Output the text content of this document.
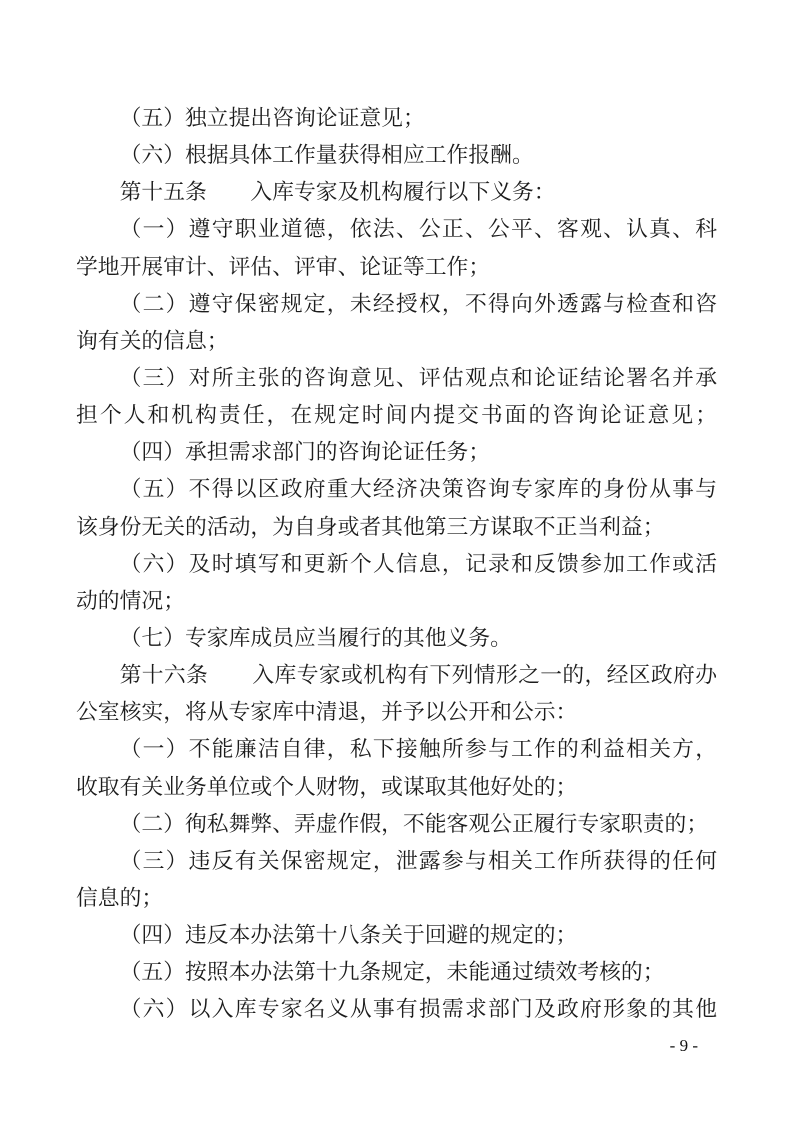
（五）独立提出咨询论证意见；
（六）根据具体工作量获得相应工作报酬。
第十五条　　入库专家及机构履行以下义务：
（一）遵守职业道德，依法、公正、公平、客观、认真、科
学地开展审计、评估、评审、论证等工作；
（二）遵守保密规定，未经授权，不得向外透露与检查和咨
询有关的信息；
（三）对所主张的咨询意见、评估观点和论证结论署名并承
担个人和机构责任，在规定时间内提交书面的咨询论证意见；
（四）承担需求部门的咨询论证任务；
（五）不得以区政府重大经济决策咨询专家库的身份从事与
该身份无关的活动，为自身或者其他第三方谋取不正当利益；
（六）及时填写和更新个人信息，记录和反馈参加工作或活
动的情况；
（七）专家库成员应当履行的其他义务。
第十六条　　入库专家或机构有下列情形之一的，经区政府办
公室核实，将从专家库中清退，并予以公开和公示：
（一）不能廉洁自律，私下接触所参与工作的利益相关方，
收取有关业务单位或个人财物，或谋取其他好处的；
（二）徇私舞弊、弄虚作假，不能客观公正履行专家职责的；
（三）违反有关保密规定，泄露参与相关工作所获得的任何
信息的；
（四）违反本办法第十八条关于回避的规定的；
（五）按照本办法第十九条规定，未能通过绩效考核的；
（六）以入库专家名义从事有损需求部门及政府形象的其他
- 9 -
